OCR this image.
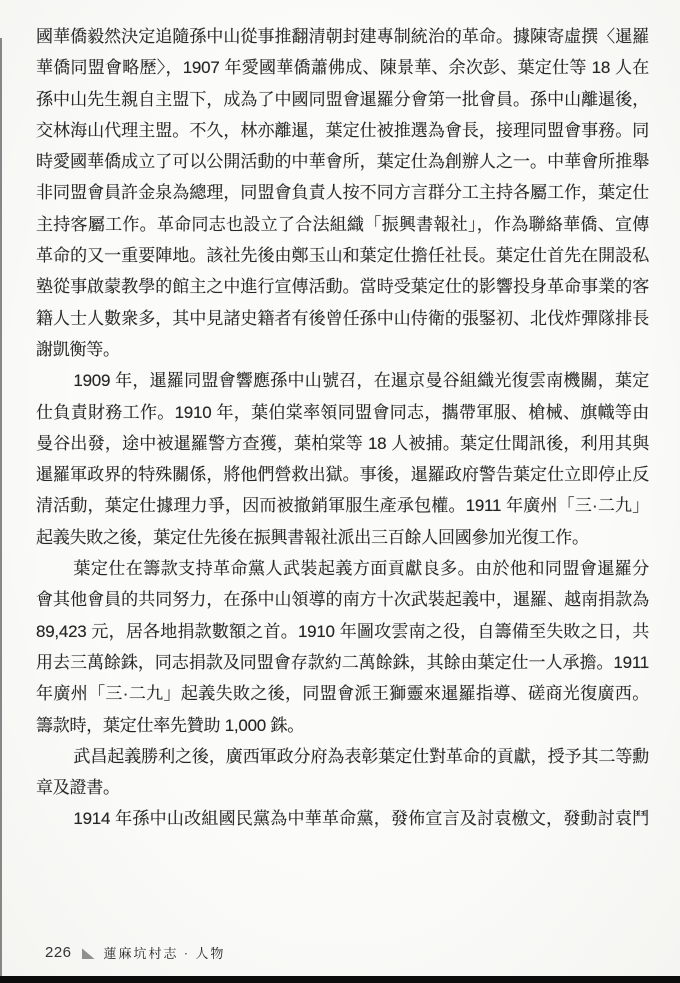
國華僑毅然決定追隨孫中山從事推翻清朝封建專制統治的革命。據陳寄虛撰〈暹羅
華僑同盟會略歷〉，1907 年愛國華僑蕭佛成、陳景華、余次彭、葉定仕等 18 人在
孫中山先生親自主盟下，成為了中國同盟會暹羅分會第一批會員。孫中山離暹後，
交林海山代理主盟。不久，林亦離暹，葉定仕被推選為會長，接理同盟會事務。同
時愛國華僑成立了可以公開活動的中華會所，葉定仕為創辦人之一。中華會所推舉
非同盟會員許金泉為總理，同盟會負責人按不同方言群分工主持各屬工作，葉定仕
主持客屬工作。革命同志也設立了合法組織「振興書報社」，作為聯絡華僑、宣傳
革命的又一重要陣地。該社先後由鄭玉山和葉定仕擔任社長。葉定仕首先在開設私
塾從事啟蒙教學的館主之中進行宣傳活動。當時受葉定仕的影響投身革命事業的客
籍人士人數衆多，其中見諸史籍者有後曾任孫中山侍衛的張鋻初、北伐炸彈隊排長
謝凱衡等。
1909 年，暹羅同盟會響應孫中山號召，在暹京曼谷組織光復雲南機關，葉定
仕負責財務工作。1910 年，葉伯棠率領同盟會同志，攜帶軍服、槍械、旗幟等由
曼谷出發，途中被暹羅警方查獲，葉柏棠等 18 人被捕。葉定仕聞訊後，利用其與
暹羅軍政界的特殊關係，將他們營救出獄。事後，暹羅政府警告葉定仕立即停止反
清活動，葉定仕據理力爭，因而被撤銷軍服生產承包權。1911 年廣州「三·二九」
起義失敗之後，葉定仕先後在振興書報社派出三百餘人回國參加光復工作。
葉定仕在籌款支持革命黨人武裝起義方面貢獻良多。由於他和同盟會暹羅分
會其他會員的共同努力，在孫中山領導的南方十次武裝起義中，暹羅、越南捐款為
89,423 元，居各地捐款數額之首。1910 年圖攻雲南之役，自籌備至失敗之日，共
用去三萬餘銖，同志捐款及同盟會存款約二萬餘銖，其餘由葉定仕一人承擔。1911
年廣州「三·二九」起義失敗之後，同盟會派王獅靈來暹羅指導、磋商光復廣西。
籌款時，葉定仕率先贊助 1,000 銖。
武昌起義勝利之後，廣西軍政分府為表彰葉定仕對革命的貢獻，授予其二等勳
章及證書。
1914 年孫中山改組國民黨為中華革命黨，發佈宣言及討袁檄文，發動討袁鬥
226 蓮麻坑村志 · 人物
